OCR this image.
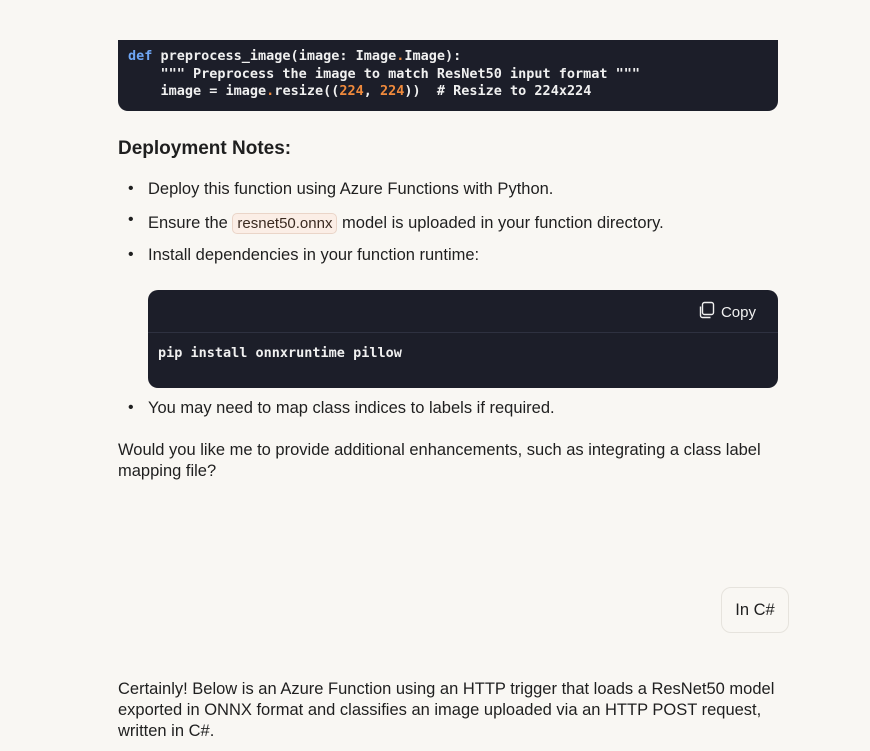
def preprocess_image(image: Image.Image):
""" Preprocess the image to match ResNet50 input format """
image = image.resize((224, 224))  # Resize to 224x224
Deployment Notes:
• Deploy this function using Azure Functions with Python.
• Ensure the resnet50.onnx model is uploaded in your function directory.
• Install dependencies in your function runtime:
Copy
pip install onnxruntime pillow
• You may need to map class indices to labels if required.
Would you like me to provide additional enhancements, such as integrating a class label mapping file?
In C#
Certainly! Below is an Azure Function using an HTTP trigger that loads a ResNet50 model exported in ONNX format and classifies an image uploaded via an HTTP POST request, written in C#.
